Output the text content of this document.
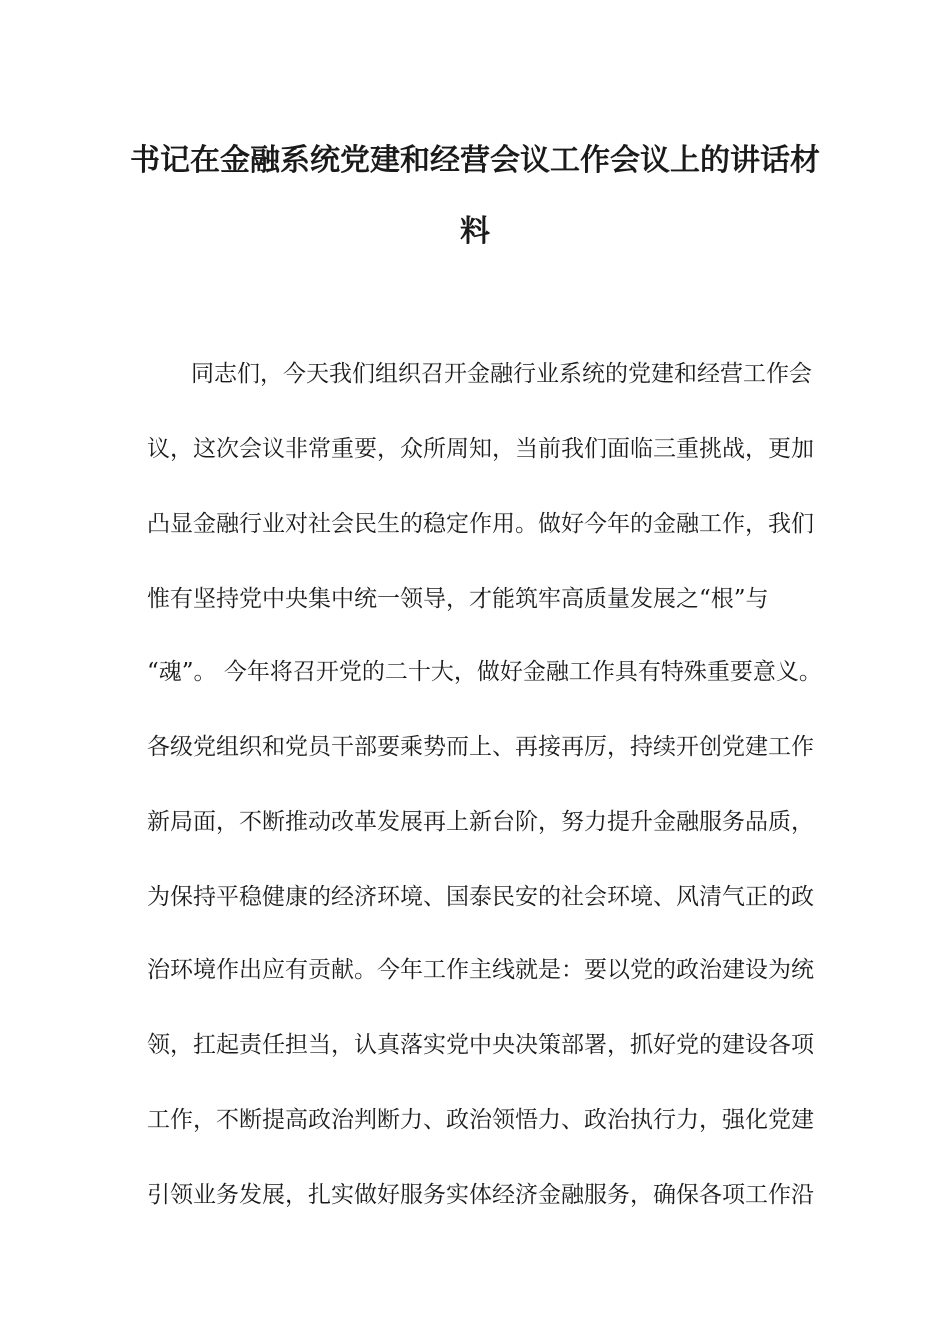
书记在金融系统党建和经营会议工作会议上的讲话材
料

同志们，今天我们组织召开金融行业系统的党建和经营工作会

议，这次会议非常重要，众所周知，当前我们面临三重挑战，更加

凸显金融行业对社会民生的稳定作用。做好今年的金融工作，我们

惟有坚持党中央集中统一领导，才能筑牢高质量发展之“根”与

“魂”。 今年将召开党的二十大，做好金融工作具有特殊重要意义。

各级党组织和党员干部要乘势而上、再接再厉，持续开创党建工作

新局面，不断推动改革发展再上新台阶，努力提升金融服务品质，

为保持平稳健康的经济环境、国泰民安的社会环境、风清气正的政

治环境作出应有贡献。今年工作主线就是：要以党的政治建设为统

领，扛起责任担当，认真落实党中央决策部署，抓好党的建设各项

工作，不断提高政治判断力、政治领悟力、政治执行力，强化党建

引领业务发展，扎实做好服务实体经济金融服务，确保各项工作沿
